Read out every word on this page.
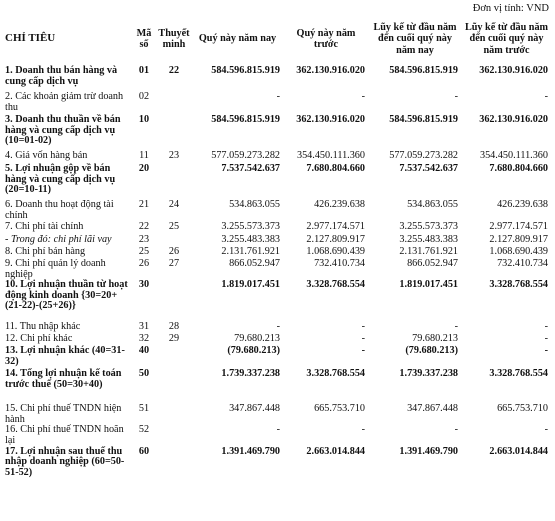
Đơn vị tính: VND
CHỈ TIÊU	Mã số	Thuyết minh	Quý này năm nay	Quý này năm trước	Lũy kế từ đầu năm đến cuối quý này năm nay	Lũy kế từ đầu năm đến cuối quý này năm trước
1. Doanh thu bán hàng và cung cấp dịch vụ	01	22	584.596.815.919	362.130.916.020	584.596.815.919	362.130.916.020
2. Các khoản giảm trừ doanh thu	02		-	-	-	-
3. Doanh thu thuần về bán hàng và cung cấp dịch vụ (10=01-02)	10		584.596.815.919	362.130.916.020	584.596.815.919	362.130.916.020
4. Giá vốn hàng bán	11	23	577.059.273.282	354.450.111.360	577.059.273.282	354.450.111.360
5. Lợi nhuận gộp về bán hàng và cung cấp dịch vụ (20=10-11)	20		7.537.542.637	7.680.804.660	7.537.542.637	7.680.804.660
6. Doanh thu hoạt động tài chính	21	24	534.863.055	426.239.638	534.863.055	426.239.638
7. Chi phí tài chính	22	25	3.255.573.373	2.977.174.571	3.255.573.373	2.977.174.571
- Trong đó: chi phí lãi vay	23		3.255.483.383	2.127.809.917	3.255.483.383	2.127.809.917
8. Chi phí bán hàng	25	26	2.131.761.921	1.068.690.439	2.131.761.921	1.068.690.439
9. Chi phí quản lý doanh nghiệp	26	27	866.052.947	732.410.734	866.052.947	732.410.734
10. Lợi nhuận thuần từ hoạt động kinh doanh {30=20+(21-22)-(25+26)}	30		1.819.017.451	3.328.768.554	1.819.017.451	3.328.768.554
11. Thu nhập khác	31	28	-	-	-	-
12. Chi phí khác	32	29	79.680.213	-	79.680.213	-
13. Lợi nhuận khác (40=31-32)	40		(79.680.213)	-	(79.680.213)	-
14. Tổng lợi nhuận kế toán trước thuế (50=30+40)	50		1.739.337.238	3.328.768.554	1.739.337.238	3.328.768.554
15. Chi phí thuế TNDN hiện hành	51		347.867.448	665.753.710	347.867.448	665.753.710
16. Chi phí thuế TNDN hoãn lại	52		-	-	-	-
17. Lợi nhuận sau thuế thu nhập doanh nghiệp (60=50-51-52)	60		1.391.469.790	2.663.014.844	1.391.469.790	2.663.014.844
